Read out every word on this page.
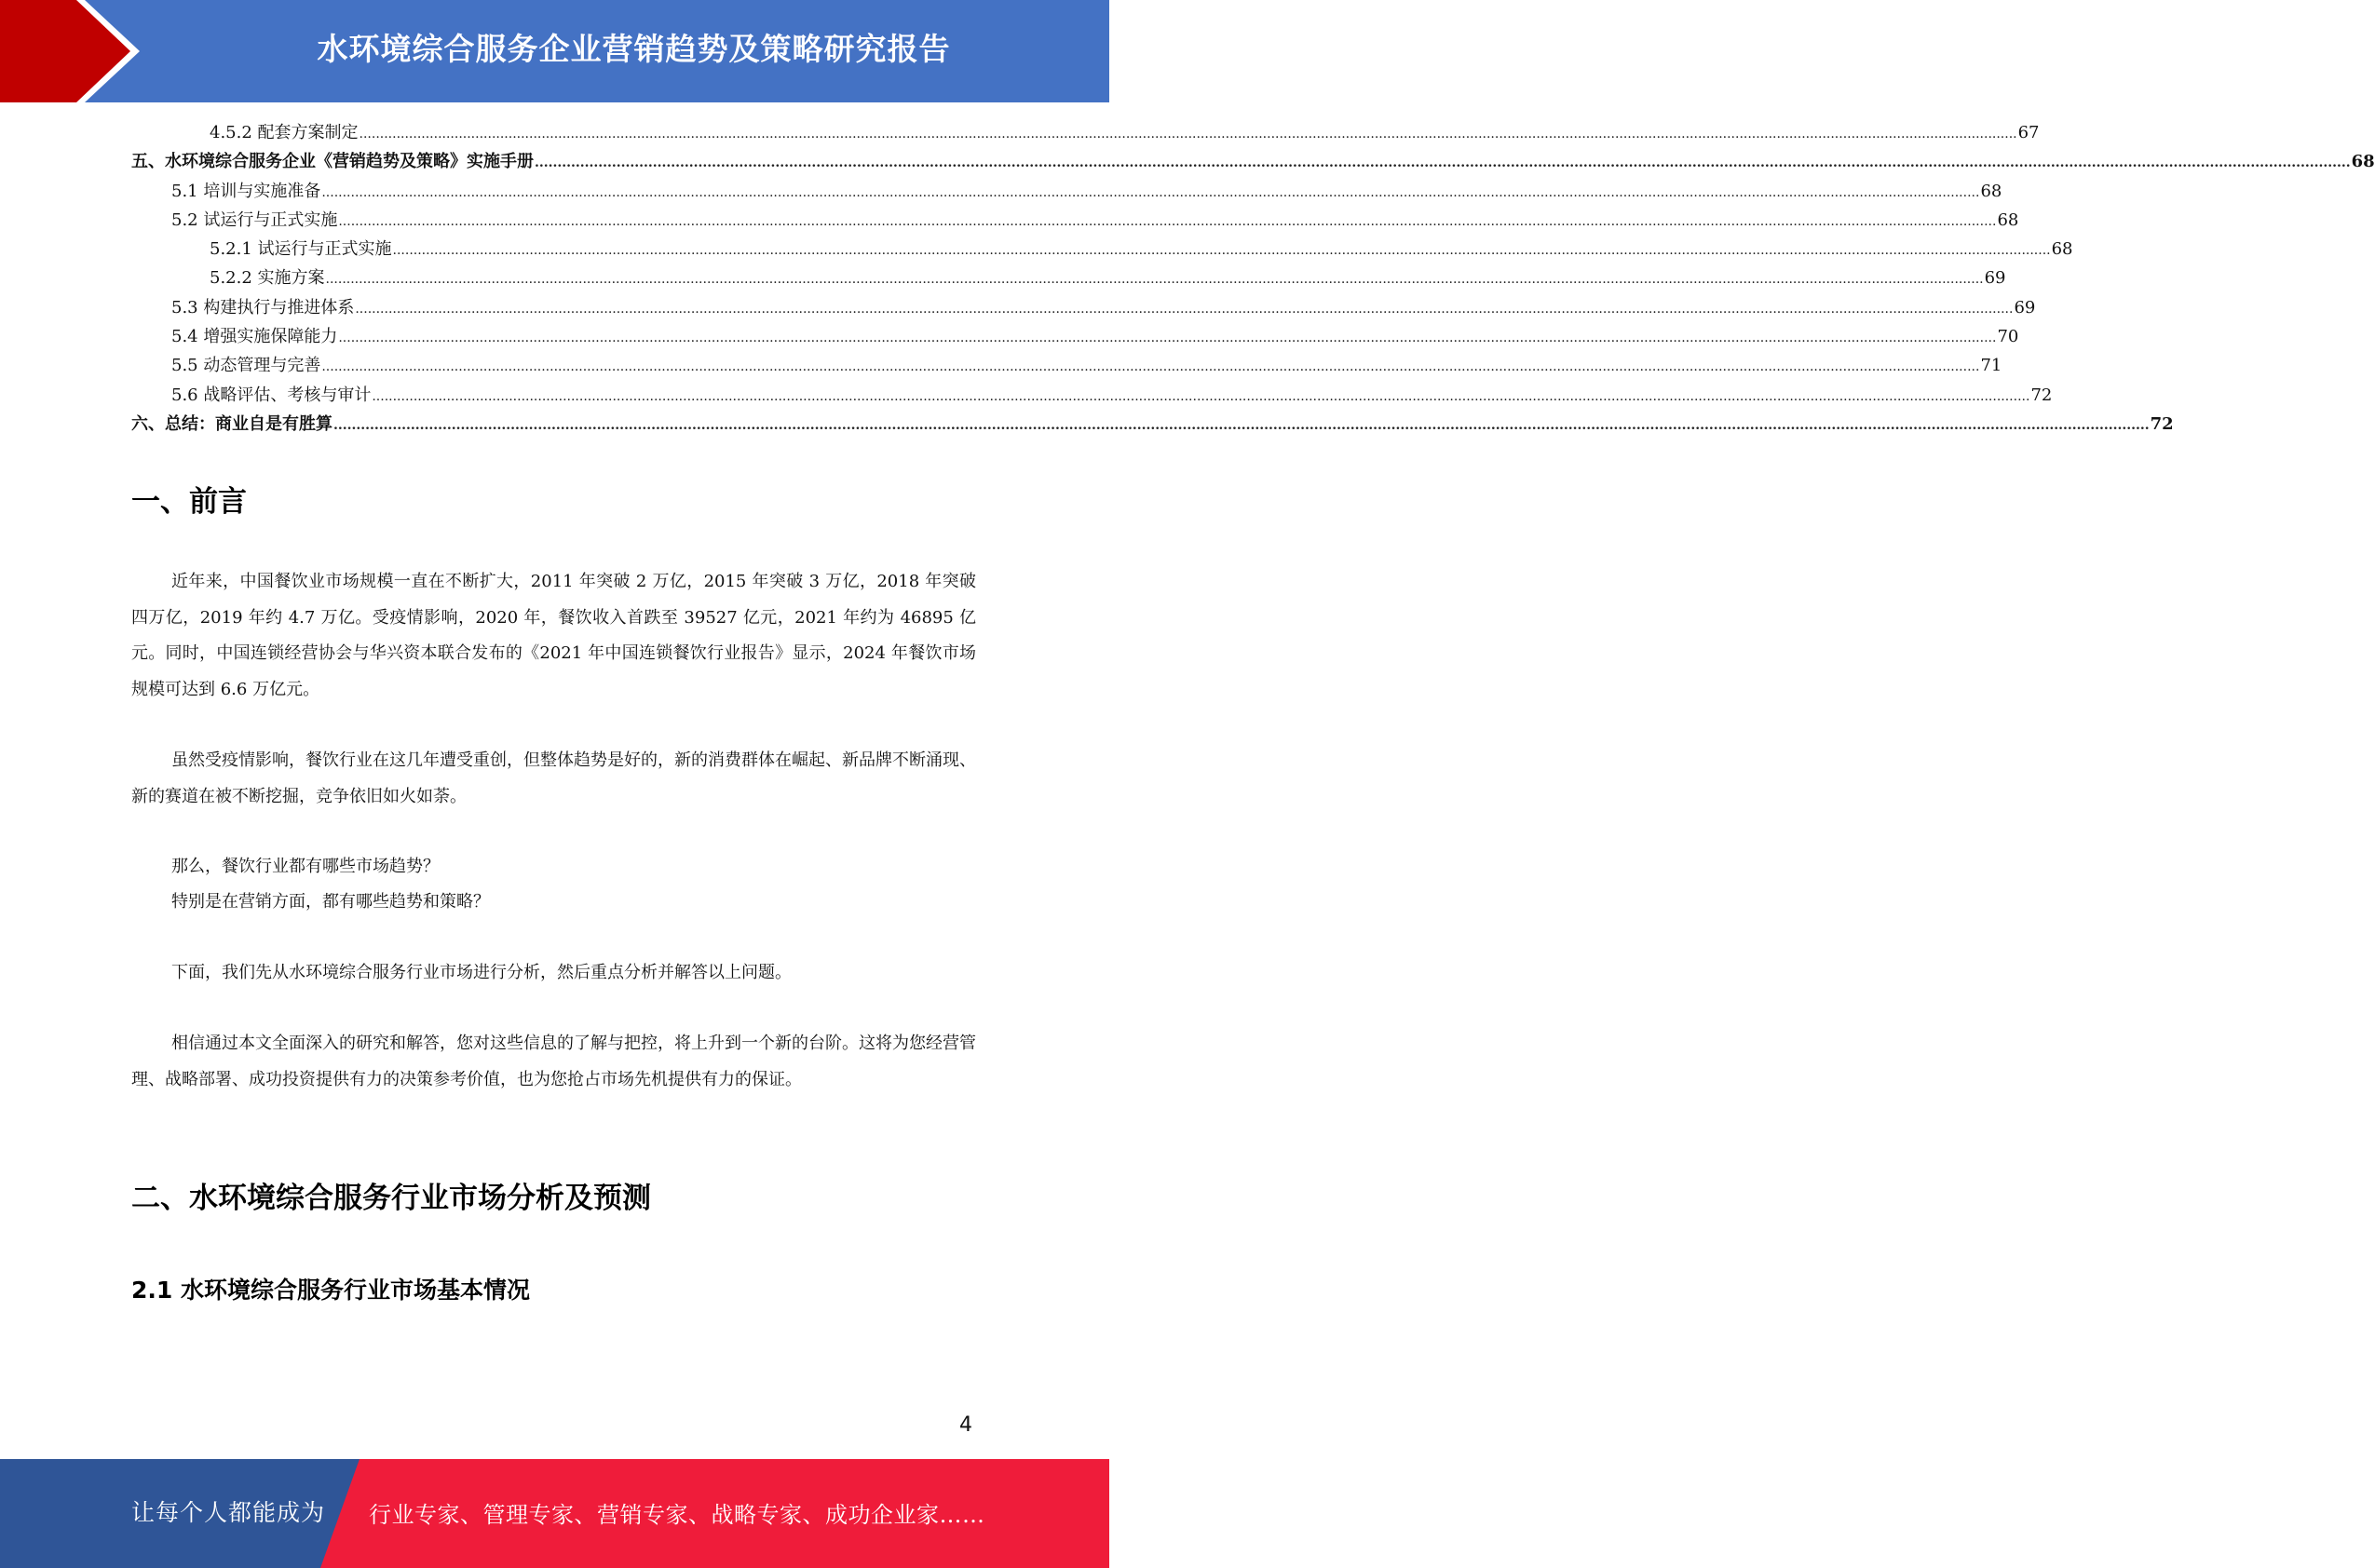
水环境综合服务企业营销趋势及策略研究报告
4.5.2 配套方案制定 ................................................................................................................................................................................................................................................................................................................................................................................................................ 67
五、水环境综合服务企业《营销趋势及策略》实施手册 ................................................................................................................................................................................................................................................................................................................................................................................................................ 68
5.1 培训与实施准备 ................................................................................................................................................................................................................................................................................................................................................................................................................ 68
5.2 试运行与正式实施 ................................................................................................................................................................................................................................................................................................................................................................................................................ 68
5.2.1 试运行与正式实施 ................................................................................................................................................................................................................................................................................................................................................................................................................ 68
5.2.2 实施方案 ................................................................................................................................................................................................................................................................................................................................................................................................................ 69
5.3 构建执行与推进体系 ................................................................................................................................................................................................................................................................................................................................................................................................................ 69
5.4 增强实施保障能力 ................................................................................................................................................................................................................................................................................................................................................................................................................ 70
5.5 动态管理与完善 ................................................................................................................................................................................................................................................................................................................................................................................................................ 71
5.6 战略评估、考核与审计 ................................................................................................................................................................................................................................................................................................................................................................................................................ 72
六、总结：商业自是有胜算 ................................................................................................................................................................................................................................................................................................................................................................................................................ 72
一、前言
近年来，中国餐饮业市场规模一直在不断扩大，2011 年突破 2 万亿，2015 年突破 3 万亿，2018 年突破四万亿，2019 年约 4.7 万亿。受疫情影响，2020 年，餐饮收入首跌至 39527 亿元，2021 年约为 46895 亿元。同时，中国连锁经营协会与华兴资本联合发布的《2021 年中国连锁餐饮行业报告》显示，2024 年餐饮市场规模可达到 6.6 万亿元。
虽然受疫情影响，餐饮行业在这几年遭受重创，但整体趋势是好的，新的消费群体在崛起、新品牌不断涌现、新的赛道在被不断挖掘，竞争依旧如火如荼。
那么，餐饮行业都有哪些市场趋势？
特别是在营销方面，都有哪些趋势和策略？
下面，我们先从水环境综合服务行业市场进行分析，然后重点分析并解答以上问题。
相信通过本文全面深入的研究和解答，您对这些信息的了解与把控，将上升到一个新的台阶。这将为您经营管理、战略部署、成功投资提供有力的决策参考价值，也为您抢占市场先机提供有力的保证。
二、水环境综合服务行业市场分析及预测
2.1 水环境综合服务行业市场基本情况
4
让每个人都能成为 行业专家、管理专家、营销专家、战略专家、成功企业家……
